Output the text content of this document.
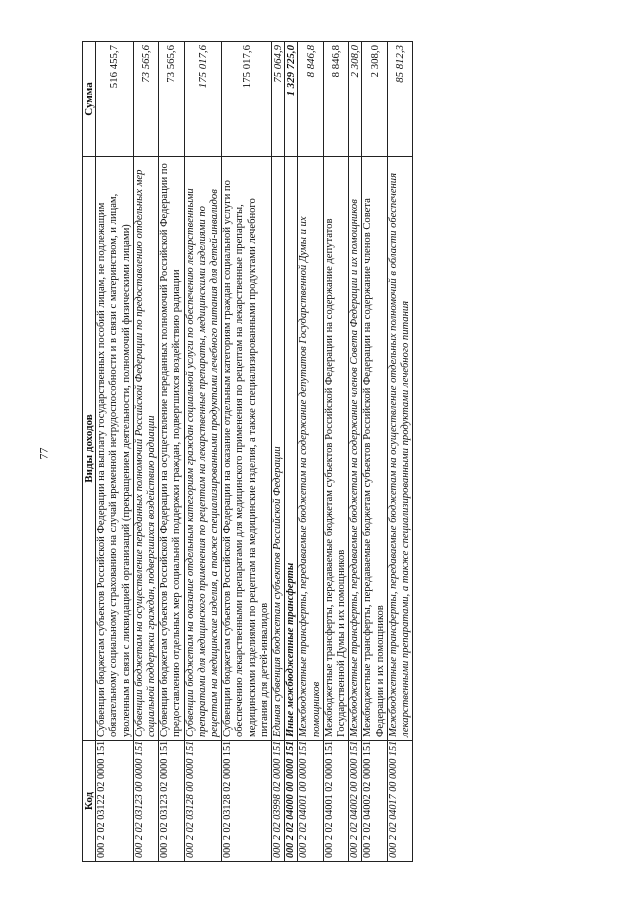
77
Код	Виды доходов	Сумма
000 2 02 03122 02 0000 151	Субвенции бюджетам субъектов Российской Федерации на выплату государственных пособий лицам, не подлежащим обязательному социальному страхованию на случай временной нетрудоспособности и в связи с материнством, и лицам, уволенным в связи с ликвидацией организаций (прекращением деятельности, полномочий физическими лицами)	516 455,7
000 2 02 03123 00 0000 151	Субвенции бюджетам на осуществление переданных полномочий Российской Федерации по предоставлению отдельных мер социальной поддержки граждан, подвергшихся воздействию радиации	73 565,6
000 2 02 03123 02 0000 151	Субвенции бюджетам субъектов Российской Федерации на осуществление переданных полномочий Российской Федерации по предоставлению отдельных мер социальной поддержки граждан, подвергшихся воздействию радиации	73 565,6
000 2 02 03128 00 0000 151	Субвенции бюджетам на оказание отдельным категориям граждан социальной услуги по обеспечению лекарственными препаратами для медицинского применения по рецептам на лекарственные препараты, медицинскими изделиями по рецептам на медицинские изделия, а также специализированными продуктами лечебного питания для детей-инвалидов	175 017,6
000 2 02 03128 02 0000 151	Субвенции бюджетам субъектов Российской Федерации на оказание отдельным категориям граждан социальной услуги по обеспечению лекарственными препаратами для медицинского применения по рецептам на лекарственные препараты, медицинскими изделиями по рецептам на медицинские изделия, а также специализированными продуктами лечебного питания для детей-инвалидов	175 017,6
000 2 02 03998 02 0000 151	Единая субвенция бюджетам субъектов Российской Федерации	75 064,9
000 2 02 04000 00 0000 151	Иные межбюджетные трансферты	1 329 725,0
000 2 02 04001 00 0000 151	Межбюджетные трансферты, передаваемые бюджетам на содержание депутатов Государственной Думы и их помощников	8 846,8
000 2 02 04001 02 0000 151	Межбюджетные трансферты, передаваемые бюджетам субъектов Российской Федерации на содержание депутатов Государственной Думы и их помощников	8 846,8
000 2 02 04002 00 0000 151	Межбюджетные трансферты, передаваемые бюджетам на содержание членов Совета Федерации и их помощников	2 308,0
000 2 02 04002 02 0000 151	Межбюджетные трансферты, передаваемые бюджетам субъектов Российской Федерации на содержание членов Совета Федерации и их помощников	2 308,0
000 2 02 04017 00 0000 151	Межбюджетные трансферты, передаваемые бюджетам на осуществление отдельных полномочий в области обеспечения лекарственными препаратами, а также специализированными продуктами лечебного питания	85 812,3
